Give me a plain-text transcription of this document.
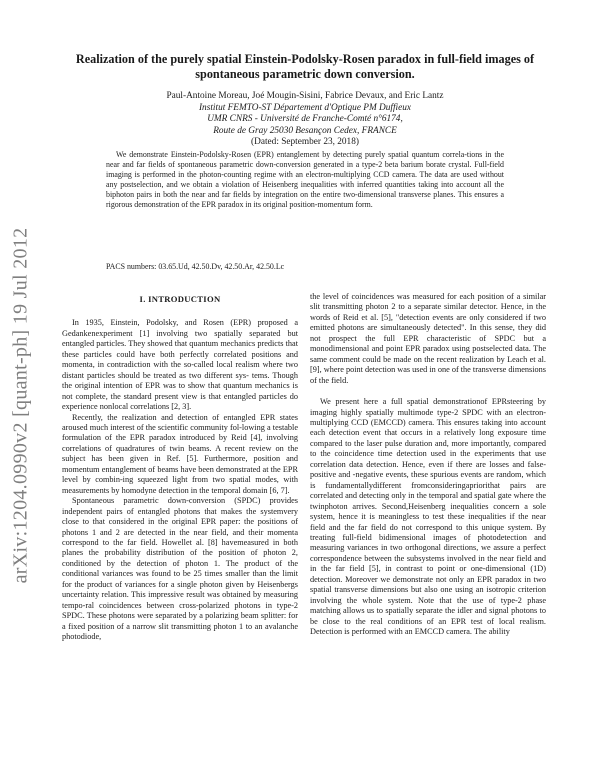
arXiv:1204.0990v2 [quant-ph] 19 Jul 2012
Realization of the purely spatial Einstein-Podolsky-Rosen paradox in full-field images of spontaneous parametric down conversion.
Paul-Antoine Moreau, Joé Mougin-Sisini, Fabrice Devaux, and Eric Lantz
Institut FEMTO-ST Département d'Optique PM Duffieux
UMR CNRS - Université de Franche-Comté n°6174,
Route de Gray 25030 Besançon Cedex, FRANCE
(Dated: September 23, 2018)
We demonstrate Einstein-Podolsky-Rosen (EPR) entanglement by detecting purely spatial quantum correla-tions in the near and far fields of spontaneous parametric down-conversion generated in a type-2 beta barium borate crystal. Full-field imaging is performed in the photon-counting regime with an electron-multiplying CCD camera. The data are used without any postselection, and we obtain a violation of Heisenberg inequalities with inferred quantities taking into account all the biphoton pairs in both the near and far fields by integration on the entire two-dimensional transverse planes. This ensures a rigorous demonstration of the EPR paradox in its original position-momentum form.
PACS numbers: 03.65.Ud, 42.50.Dv, 42.50.Ar, 42.50.Lc
I. INTRODUCTION

In 1935, Einstein, Podolsky, and Rosen (EPR) proposed a Gedankenexperiment [1] involving two spatially separated but entangled particles. They showed that quantum mechanics predicts that these particles could have both perfectly correlated positions and momenta, in contradiction with the so-called local realism where two distant particles should be treated as two different sys- tems. Though the original intention of EPR was to show that quantum mechanics is not complete, the standard present view is that entangled particles do experience nonlocal correlations [2, 3].

Recently, the realization and detection of entangled EPR states aroused much interest of the scientific community fol-lowing a testable formulation of the EPR paradox introduced by Reid [4], involving correlations of quadratures of twin beams. A recent review on the subject has been given in Ref. [5]. Furthermore, position and momentum entanglement of beams have been demonstrated at the EPR level by combin-ing squeezed light from two spatial modes, with measurements by homodyne detection in the temporal domain [6, 7].

Spontaneous parametric down-conversion (SPDC) provides independent pairs of entangled photons that makes the systemvery close to that considered in the original EPR paper: the positions of photons 1 and 2 are detected in the near field, and their momenta correspond to the far field. Howellet al. [8] havemeasured in both planes the probability distribution of the position of photon 2, conditioned by the detection of photon 1. The product of the conditional variances was found to be 25 times smaller than the limit for the product of variances for a single photon given by Heisenbergs uncertainty relation. This impressive result was obtained by measuring tempo-ral coincidences between cross-polarized photons in type-2 SPDC. These photons were separated by a polarizing beam splitter: for a fixed position of a narrow slit transmitting photon 1 to an avalanche photodiode,

the level of coincidences was measured for each position of a similar slit transmitting photon 2 to a separate similar detector. Hence, in the words of Reid et al. [5], "detection events are only considered if two emitted photons are simultaneously detected". In this sense, they did not prospect the full EPR characteristic of SPDC but a monodimensional and point EPR paradox using postselected data. The same comment could be made on the recent realization by Leach et al. [9], where point detection was used in one of the transverse dimensions of the field.

We present here a full spatial demonstrationof EPRsteering by imaging highly spatially multimode type-2 SPDC with an electron-multiplying CCD (EMCCD) camera. This ensures taking into account each detection event that occurs in a relatively long exposure time compared to the laser pulse duration and, more importantly, compared to the coincidence time detection used in the experiments that use correlation data detection. Hence, even if there are losses and false-positive and -negative events, these spurious events are random, which is fundamentallydifferent fromconsideringapriorithat pairs are correlated and detecting only in the temporal and spatial gate where the twinphoton arrives. Second,Heisenberg inequalities concern a sole system, hence it is meaningless to test these inequalities if the near field and the far field do not correspond to this unique system. By treating full-field bidimensional images of photodetection and measuring variances in two orthogonal directions, we assure a perfect correspondence between the subsystems involved in the near field and in the far field [5], in contrast to point or one-dimensional (1D) detection. Moreover we demonstrate not only an EPR paradox in two spatial transverse dimensions but also one using an isotropic criterion involving the whole system. Note that the use of type-2 phase matching allows us to spatially separate the idler and signal photons to be close to the real conditions of an EPR test of local realism. Detection is performed with an EMCCD camera. The ability
